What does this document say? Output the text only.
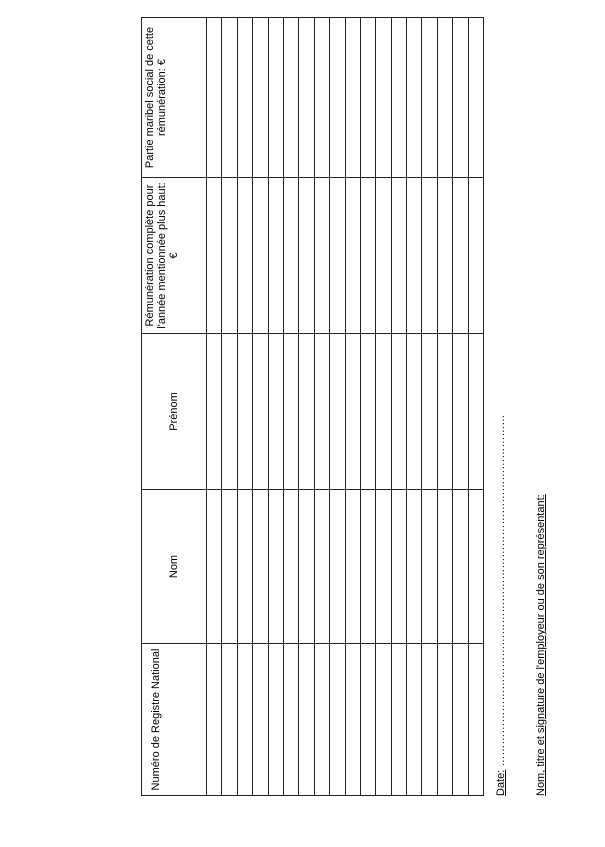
Numéro de Registre National	Nom	Prénom	Rémunération complète pour l'année mentionnée plus haut: €	Partie maribel social de cette rémunération: €

Date: ……………………………………………………………………………………	Nom, titre et signature de l'employeur ou de son représentant:
